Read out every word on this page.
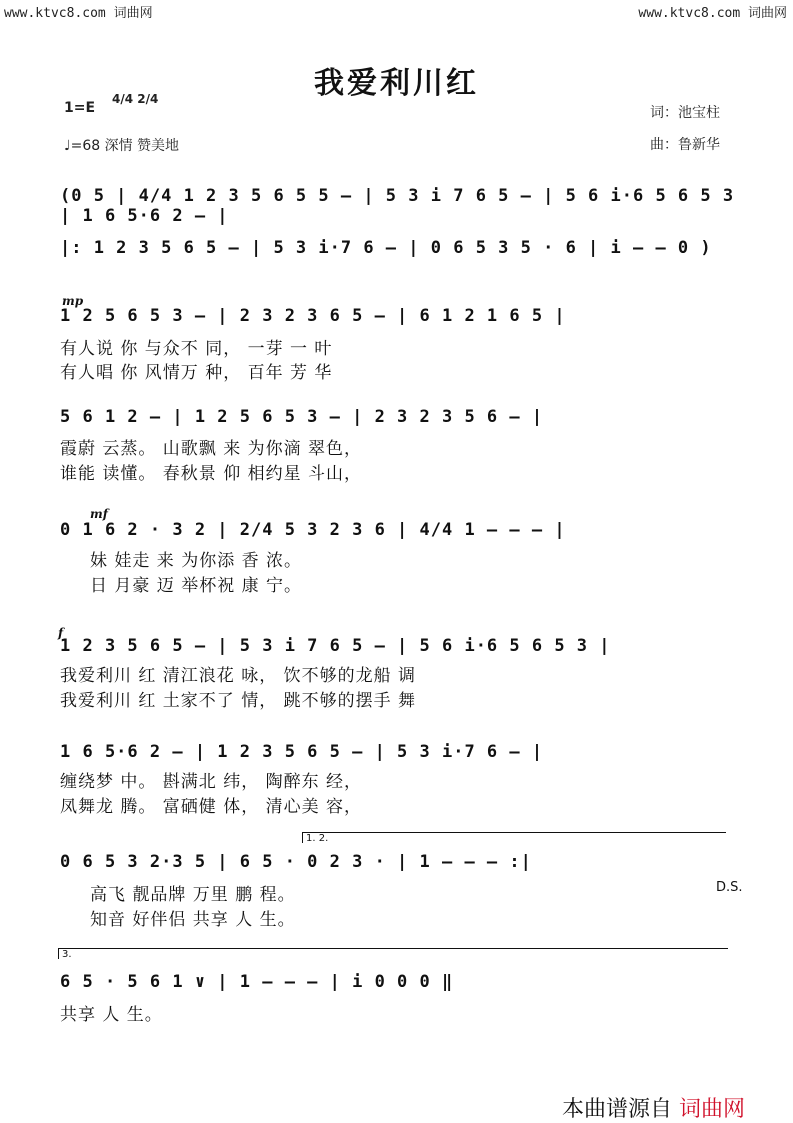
www.ktvc8.com 词曲网	www.ktvc8.com 词曲网
我爱利川红
1=E
4/4 2/4
♩=68 深情 赞美地
词：池宝柱
曲：鲁新华
(0 5 | 4/4 1 2 3 5 6 5 5 — | 5 3 i 7 6 5 — | 5 6 i·6 5 6 5 3 | 1 6 5·6 2 — |
|: 1 2 3 5 6 5 — | 5 3 i·7 6 — | 0 6 5 3 5 · 6 | i — — 0 )
mp
1 2 5 6 5 3 — | 2 3 2 3 6 5 — | 6 1 2 1 6 5 |
有人说 你 与众不 同， 一芽 一 叶
有人唱 你 风情万 种， 百年 芳 华
5 6 1 2 — | 1 2 5 6 5 3 — | 2 3 2 3 5 6 — |
霞蔚 云蒸。 山歌飘 来 为你滴 翠色，
谁能 读懂。 春秋景 仰 相约星 斗山，
mf
0 1 6 2 · 3 2 | 2/4 5 3 2 3 6 | 4/4 1 — — — |
妹 娃走 来 为你添 香 浓。
日 月豪 迈 举杯祝 康 宁。
f
1 2 3 5 6 5 — | 5 3 i 7 6 5 — | 5 6 i·6 5 6 5 3 |
我爱利川 红 清江浪花 咏， 饮不够的龙船 调
我爱利川 红 土家不了 情， 跳不够的摆手 舞
1 6 5·6 2 — | 1 2 3 5 6 5 — | 5 3 i·7 6 — |
缠绕梦 中。 斟满北 纬， 陶醉东 经，
凤舞龙 腾。 富硒健 体， 清心美 容，
1. 2.
0 6 5 3 2·3 5 | 6 5 · 0 2 3 · | 1 — — — :|
D.S.
高飞 靓品牌 万里 鹏 程。
知音 好伴侣 共享 人 生。
3.
6 5 · 5 6 1 ∨ | 1 — — — | i 0 0 0 ‖
共享 人 生。
本曲谱源自 词曲网
